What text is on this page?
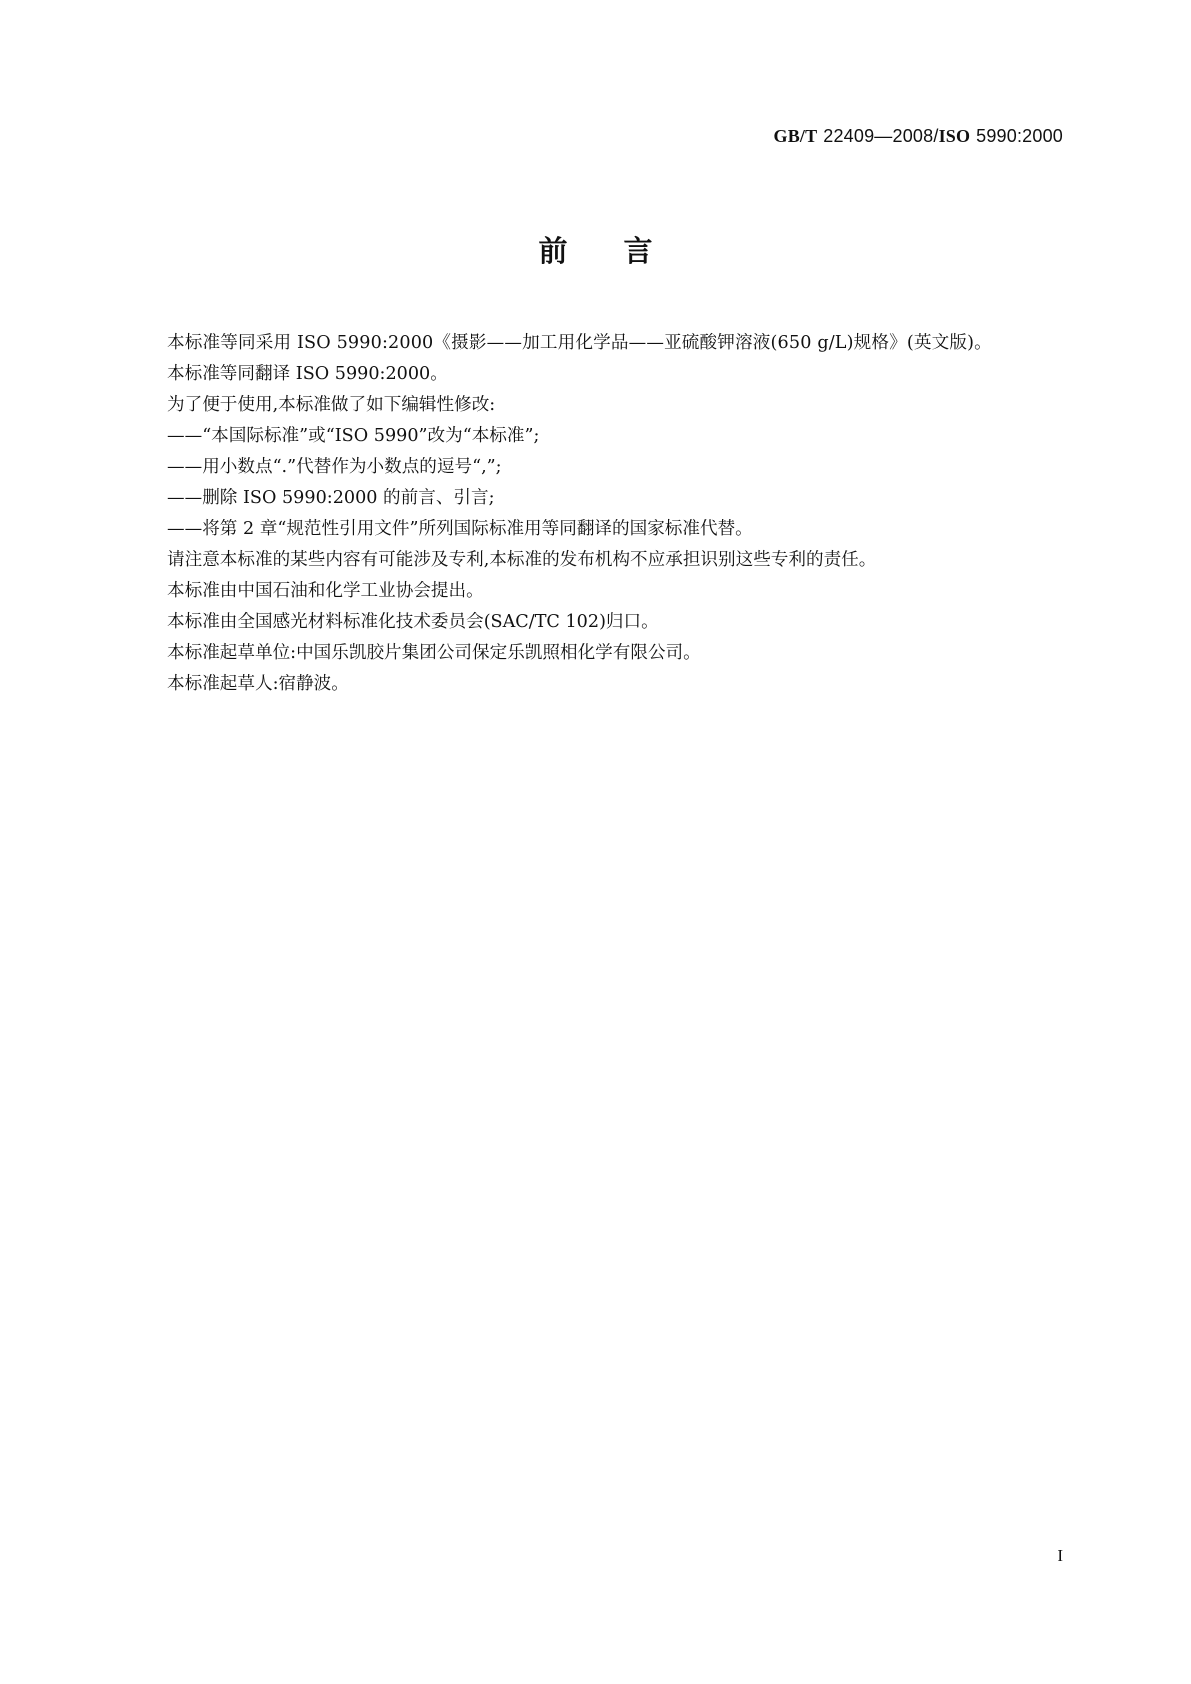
GB/T 22409—2008/ISO 5990:2000
前言

本标准等同采用 ISO 5990:2000《摄影——加工用化学品——亚硫酸钾溶液(650 g/L)规格》(英文版)。

本标准等同翻译 ISO 5990:2000。

为了便于使用,本标准做了如下编辑性修改:

——“本国际标准”或“ISO 5990”改为“本标准”;

——用小数点“.”代替作为小数点的逗号“,”;

——删除 ISO 5990:2000 的前言、引言;

——将第 2 章“规范性引用文件”所列国际标准用等同翻译的国家标准代替。

请注意本标准的某些内容有可能涉及专利,本标准的发布机构不应承担识别这些专利的责任。

本标准由中国石油和化学工业协会提出。

本标准由全国感光材料标准化技术委员会(SAC/TC 102)归口。

本标准起草单位:中国乐凯胶片集团公司保定乐凯照相化学有限公司。

本标准起草人:宿静波。

I
